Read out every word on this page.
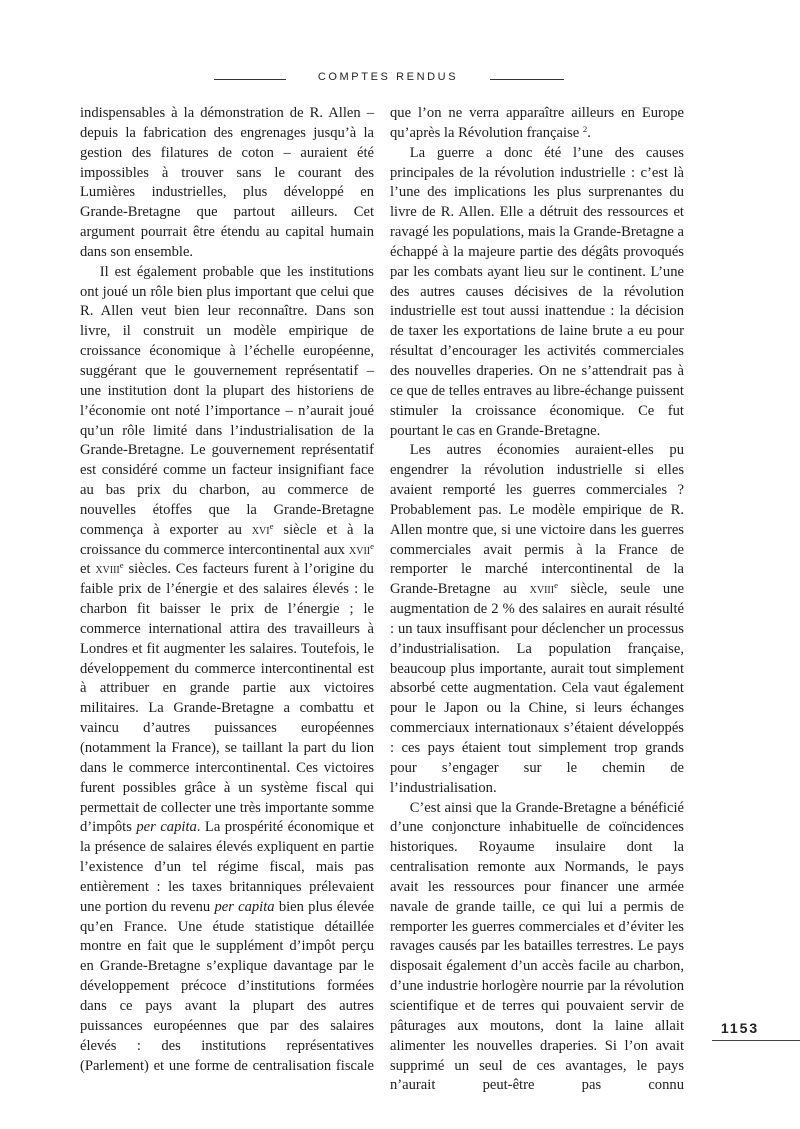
COMPTES RENDUS

indispensables à la démonstration de R. Allen – depuis la fabrication des engrenages jusqu’à la gestion des filatures de coton – auraient été impossibles à trouver sans le courant des Lumières industrielles, plus développé en Grande-Bretagne que partout ailleurs. Cet argument pourrait être étendu au capital humain dans son ensemble.

Il est également probable que les institutions ont joué un rôle bien plus important que celui que R. Allen veut bien leur reconnaître. Dans son livre, il construit un modèle empirique de croissance économique à l’échelle européenne, suggérant que le gouvernement représentatif – une institution dont la plupart des historiens de l’économie ont noté l’importance – n’aurait joué qu’un rôle limité dans l’industrialisation de la Grande-Bretagne. Le gouvernement représentatif est considéré comme un facteur insignifiant face au bas prix du charbon, au commerce de nouvelles étoffes que la Grande-Bretagne commença à exporter au xvi$^e$ siècle et à la croissance du commerce intercontinental aux xvii$^e$ et xviii$^e$ siècles. Ces facteurs furent à l’origine du faible prix de l’énergie et des salaires élevés : le charbon fit baisser le prix de l’énergie ; le commerce international attira des travailleurs à Londres et fit augmenter les salaires. Toutefois, le développement du commerce intercontinental est à attribuer en grande partie aux victoires militaires. La Grande-Bretagne a combattu et vaincu d’autres puissances européennes (notamment la France), se taillant la part du lion dans le commerce intercontinental. Ces victoires furent possibles grâce à un système fiscal qui permettait de collecter une très importante somme d’impôts per capita. La prospérité économique et la présence de salaires élevés expliquent en partie l’existence d’un tel régime fiscal, mais pas entièrement : les taxes britanniques prélevaient une portion du revenu per capita bien plus élevée qu’en France. Une étude statistique détaillée montre en fait que le supplément d’impôt perçu en Grande-Bretagne s’explique davantage par le développement précoce d’institutions formées dans ce pays avant la plupart des autres puissances européennes que par des salaires élevés : des institutions représentatives (Parlement) et une forme de centralisation fiscale

que l’on ne verra apparaître ailleurs en Europe qu’après la Révolution française $^2$.

La guerre a donc été l’une des causes principales de la révolution industrielle : c’est là l’une des implications les plus surprenantes du livre de R. Allen. Elle a détruit des ressources et ravagé les populations, mais la Grande-Bretagne a échappé à la majeure partie des dégâts provoqués par les combats ayant lieu sur le continent. L’une des autres causes décisives de la révolution industrielle est tout aussi inattendue : la décision de taxer les exportations de laine brute a eu pour résultat d’encourager les activités commerciales des nouvelles draperies. On ne s’attendrait pas à ce que de telles entraves au libre-échange puissent stimuler la croissance économique. Ce fut pourtant le cas en Grande-Bretagne.

Les autres économies auraient-elles pu engendrer la révolution industrielle si elles avaient remporté les guerres commerciales ? Probablement pas. Le modèle empirique de R. Allen montre que, si une victoire dans les guerres commerciales avait permis à la France de remporter le marché intercontinental de la Grande-Bretagne au xviii$^e$ siècle, seule une augmentation de 2 % des salaires en aurait résulté : un taux insuffisant pour déclencher un processus d’industrialisation. La population française, beaucoup plus importante, aurait tout simplement absorbé cette augmentation. Cela vaut également pour le Japon ou la Chine, si leurs échanges commerciaux internationaux s’étaient développés : ces pays étaient tout simplement trop grands pour s’engager sur le chemin de l’industrialisation.

C’est ainsi que la Grande-Bretagne a bénéficié d’une conjoncture inhabituelle de coïncidences historiques. Royaume insulaire dont la centralisation remonte aux Normands, le pays avait les ressources pour financer une armée navale de grande taille, ce qui lui a permis de remporter les guerres commerciales et d’éviter les ravages causés par les batailles terrestres. Le pays disposait également d’un accès facile au charbon, d’une industrie horlogère nourrie par la révolution scientifique et de terres qui pouvaient servir de pâturages aux moutons, dont la laine allait alimenter les nouvelles draperies. Si l’on avait supprimé un seul de ces avantages, le pays n’aurait peut-être pas connu

1153
